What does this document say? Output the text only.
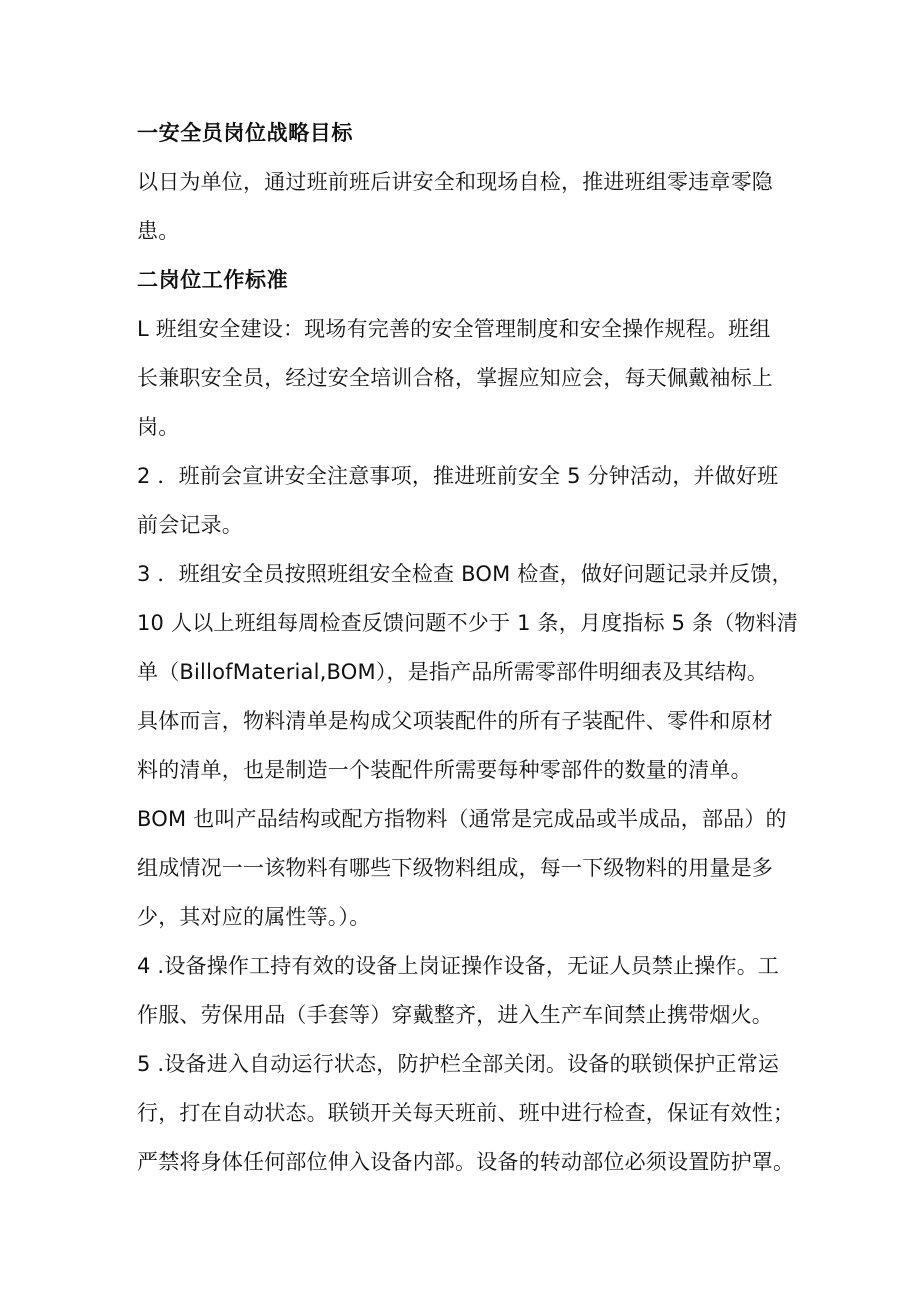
一安全员岗位战略目标
以日为单位，通过班前班后讲安全和现场自检，推进班组零违章零隐
患。
二岗位工作标准
L 班组安全建设：现场有完善的安全管理制度和安全操作规程。班组
长兼职安全员，经过安全培训合格，掌握应知应会，每天佩戴袖标上
岗。
2 ．班前会宣讲安全注意事项，推进班前安全 5 分钟活动，并做好班
前会记录。
3 ．班组安全员按照班组安全检查 BOM 检查，做好问题记录并反馈，
10 人以上班组每周检查反馈问题不少于 1 条，月度指标 5 条（物料清
单（BillofMaterial,BOM），是指产品所需零部件明细表及其结构。
具体而言，物料清单是构成父项装配件的所有子装配件、零件和原材
料的清单，也是制造一个装配件所需要每种零部件的数量的清单。
BOM 也叫产品结构或配方指物料（通常是完成品或半成品，部品）的
组成情况一一该物料有哪些下级物料组成，每一下级物料的用量是多
少，其对应的属性等。）。
4 .设备操作工持有效的设备上岗证操作设备，无证人员禁止操作。工
作服、劳保用品（手套等）穿戴整齐，进入生产车间禁止携带烟火。
5 .设备进入自动运行状态，防护栏全部关闭。设备的联锁保护正常运
行，打在自动状态。联锁开关每天班前、班中进行检查，保证有效性；
严禁将身体任何部位伸入设备内部。设备的转动部位必须设置防护罩。
